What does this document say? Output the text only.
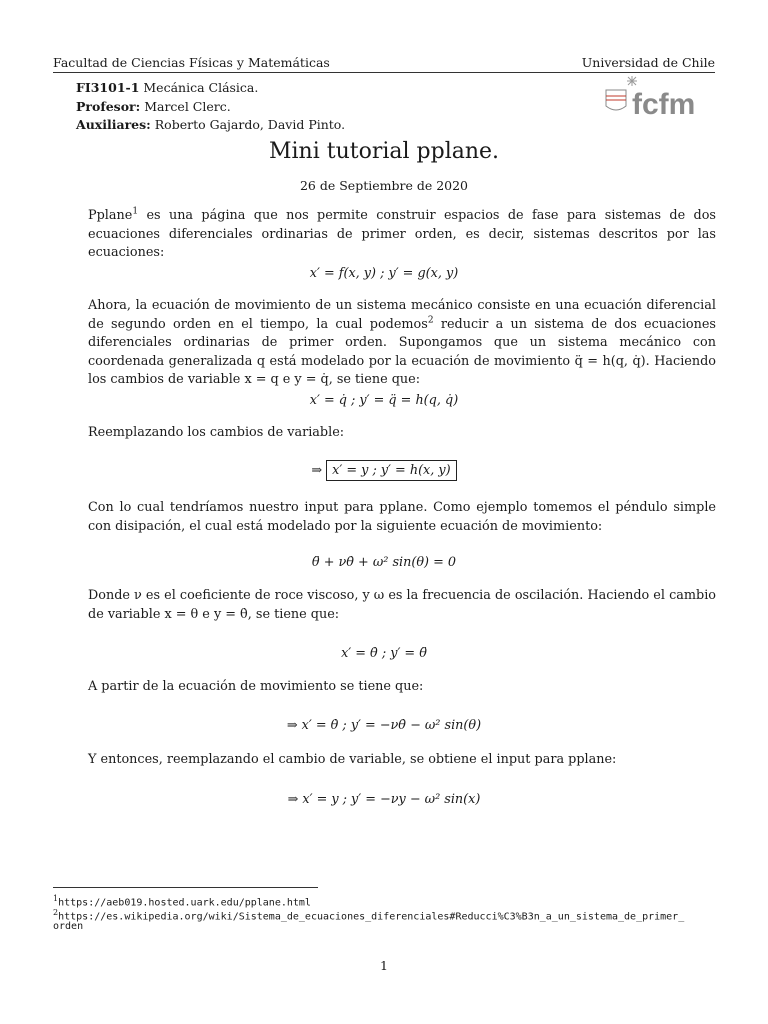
Facultad de Ciencias Físicas y Matemáticas	Universidad de Chile
FI3101-1 Mecánica Clásica.
Profesor: Marcel Clerc.
Auxiliares: Roberto Gajardo, David Pinto.
fcfm
Mini tutorial pplane.
26 de Septiembre de 2020
Pplane$^1$ es una página que nos permite construir espacios de fase para sistemas de dos ecuaciones diferenciales ordinarias de primer orden, es decir, sistemas descritos por las ecuaciones:
x′ = f(x, y) ; y′ = g(x, y)
Ahora, la ecuación de movimiento de un sistema mecánico consiste en una ecuación diferencial de segundo orden en el tiempo, la cual podemos$^2$ reducir a un sistema de dos ecuaciones diferenciales ordinarias de primer orden. Supongamos que un sistema mecánico con coordenada generalizada q está modelado por la ecuación de movimiento q̈ = h(q, q̇). Haciendo los cambios de variable x = q e y = q̇, se tiene que:
x′ = q̇ ; y′ = q̈ = h(q, q̇)
Reemplazando los cambios de variable:
⇒ x′ = y ; y′ = h(x, y)
Con lo cual tendríamos nuestro input para pplane. Como ejemplo tomemos el péndulo simple con disipación, el cual está modelado por la siguiente ecuación de movimiento:
θ̈ + νθ̇ + ω² sin(θ) = 0
Donde ν es el coeficiente de roce viscoso, y ω es la frecuencia de oscilación. Haciendo el cambio de variable x = θ e y = θ̇, se tiene que:
x′ = θ̇ ; y′ = θ̈
A partir de la ecuación de movimiento se tiene que:
⇒ x′ = θ̇ ; y′ = −νθ̇ − ω² sin(θ)
Y entonces, reemplazando el cambio de variable, se obtiene el input para pplane:
⇒ x′ = y ; y′ = −νy − ω² sin(x)
$^1$https://aeb019.hosted.uark.edu/pplane.html
$^2$https://es.wikipedia.org/wiki/Sistema_de_ecuaciones_diferenciales#Reducci%C3%B3n_a_un_sistema_de_primer_
orden
1
